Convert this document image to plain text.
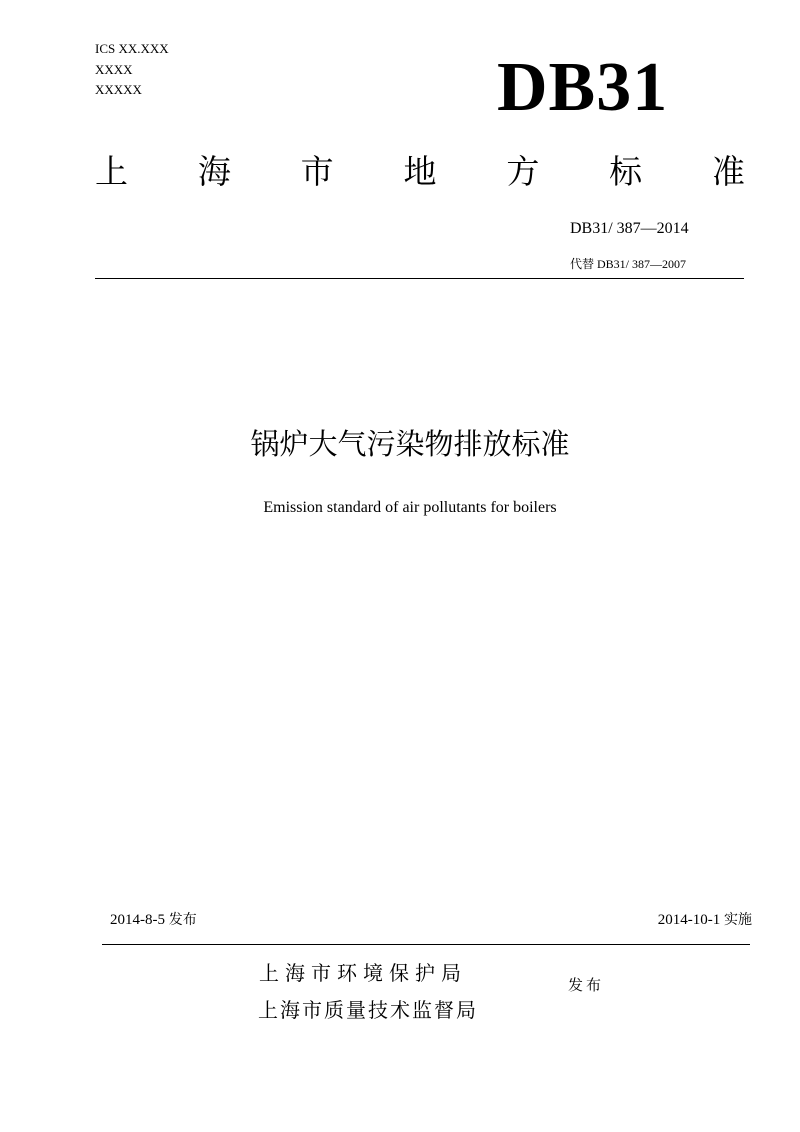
ICS XX.XXX
XXXX
XXXXX	DB31
上 海 市 地 方 标 准
DB31/ 387—2014
代替 DB31/ 387—2007
锅炉大气污染物排放标准
Emission standard of air pollutants for boilers
2014-8-5 发布	2014-10-1 实施
上海市环境保护局	发布
上海市质量技术监督局
